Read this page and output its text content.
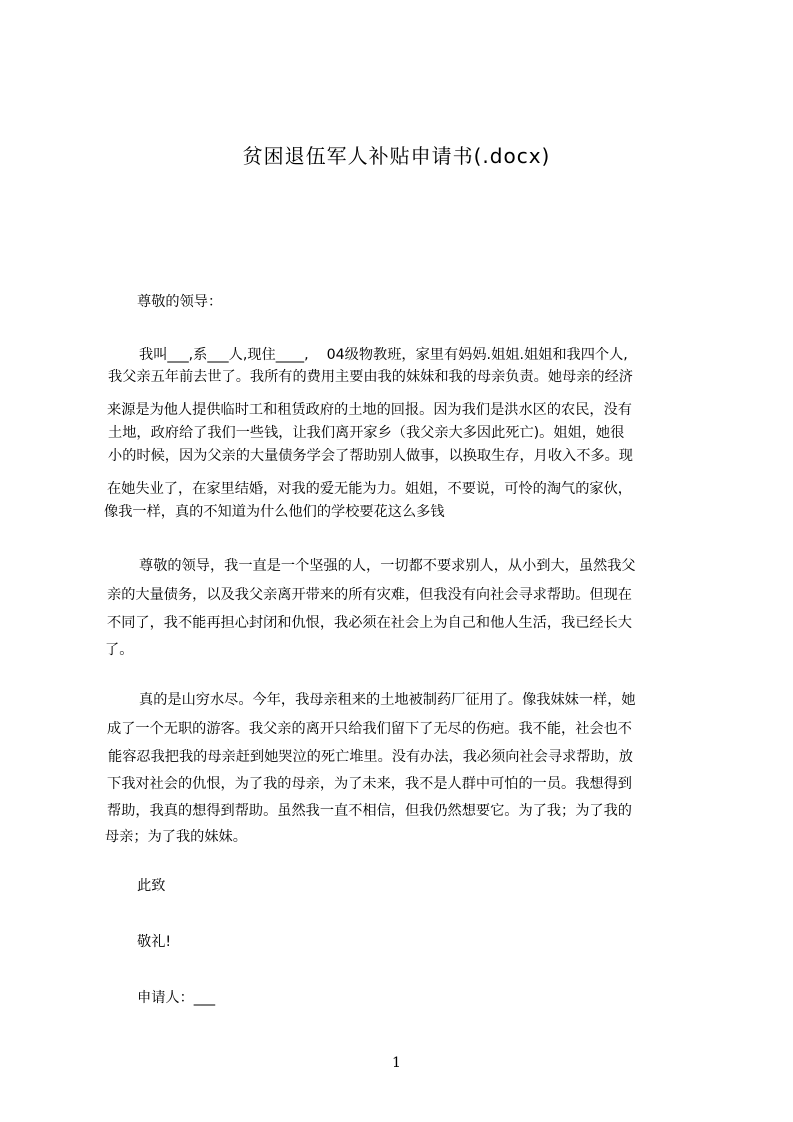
贫困退伍军人补贴申请书(.docx)
尊敬的领导：
我叫___,系___人,现住____,    04级物教班，家里有妈妈.姐姐.姐姐和我四个人,
我父亲五年前去世了。我所有的费用主要由我的妹妹和我的母亲负责。她母亲的经济
来源是为他人提供临时工和租赁政府的土地的回报。因为我们是洪水区的农民，没有
土地，政府给了我们一些钱，让我们离开家乡（我父亲大多因此死亡)。姐姐，她很
小的时候，因为父亲的大量债务学会了帮助别人做事，以换取生存，月收入不多。现
在她失业了，在家里结婚，对我的爱无能为力。姐姐，不要说，可怜的淘气的家伙，
像我一样，真的不知道为什么他们的学校要花这么多钱
尊敬的领导，我一直是一个坚强的人，一切都不要求别人，从小到大，虽然我父
亲的大量债务，以及我父亲离开带来的所有灾难，但我没有向社会寻求帮助。但现在
不同了，我不能再担心封闭和仇恨，我必须在社会上为自己和他人生活，我已经长大
了。
真的是山穷水尽。今年，我母亲租来的土地被制药厂征用了。像我妹妹一样，她
成了一个无职的游客。我父亲的离开只给我们留下了无尽的伤疤。我不能，社会也不
能容忍我把我的母亲赶到她哭泣的死亡堆里。没有办法，我必须向社会寻求帮助，放
下我对社会的仇恨，为了我的母亲，为了未来，我不是人群中可怕的一员。我想得到
帮助，我真的想得到帮助。虽然我一直不相信，但我仍然想要它。为了我；为了我的
母亲；为了我的妹妹。
此致
敬礼!
申请人：___
1
